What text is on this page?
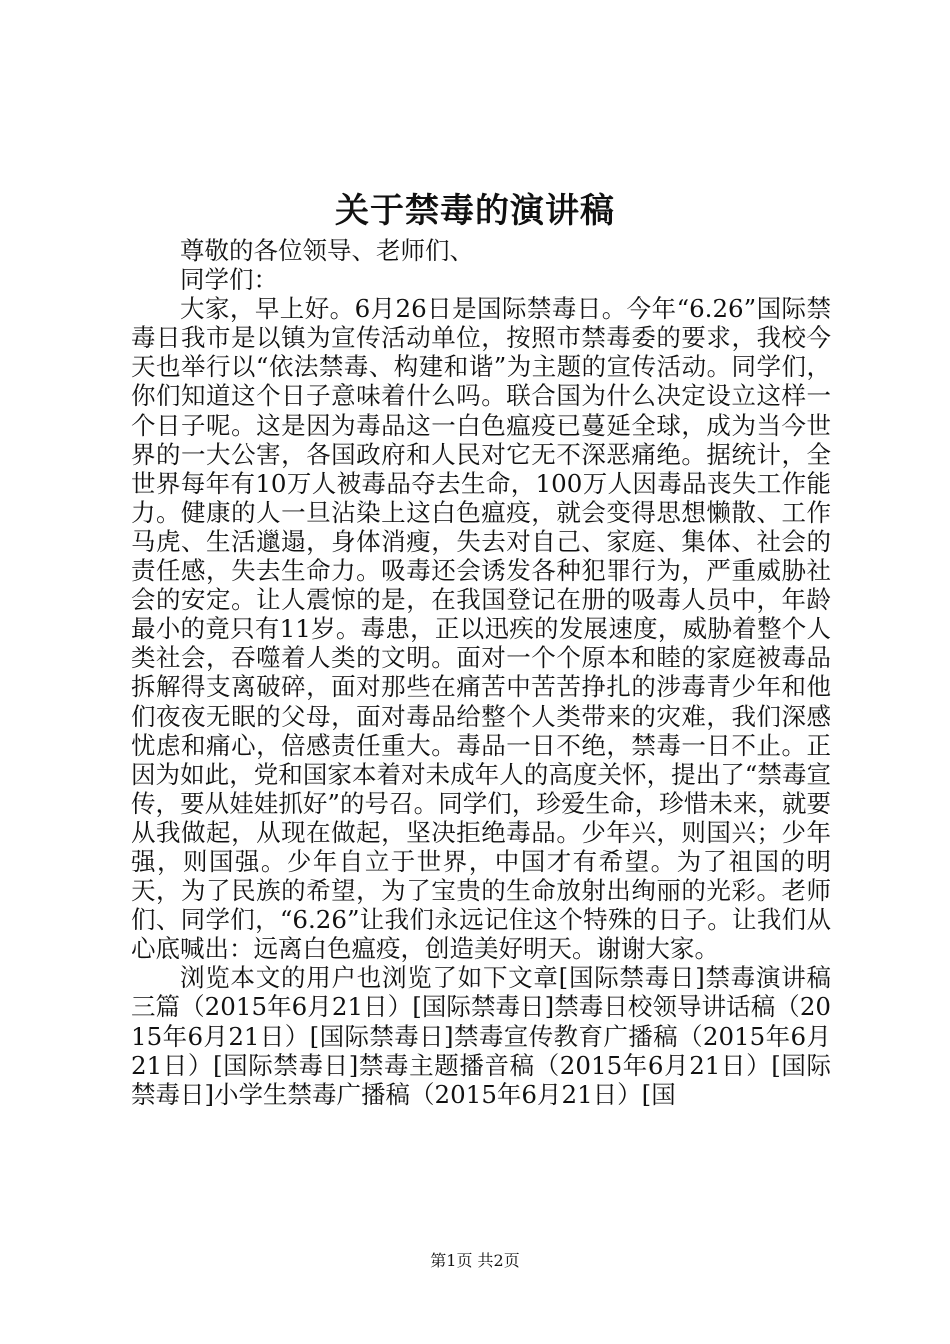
关于禁毒的演讲稿

尊敬的各位领导、老师们、

同学们：

大家，早上好。6月26日是国际禁毒日。今年“6.26”国际禁毒日我市是以镇为宣传活动单位，按照市禁毒委的要求，我校今天也举行以“依法禁毒、构建和谐”为主题的宣传活动。同学们，你们知道这个日子意味着什么吗。联合国为什么决定设立这样一个日子呢。这是因为毒品这一白色瘟疫已蔓延全球，成为当今世界的一大公害，各国政府和人民对它无不深恶痛绝。据统计，全世界每年有10万人被毒品夺去生命，100万人因毒品丧失工作能力。健康的人一旦沾染上这白色瘟疫，就会变得思想懒散、工作马虎、生活邋遢，身体消瘦，失去对自己、家庭、集体、社会的责任感，失去生命力。吸毒还会诱发各种犯罪行为，严重威胁社会的安定。让人震惊的是，在我国登记在册的吸毒人员中，年龄最小的竟只有11岁。毒患，正以迅疾的发展速度，威胁着整个人类社会，吞噬着人类的文明。面对一个个原本和睦的家庭被毒品拆解得支离破碎，面对那些在痛苦中苦苦挣扎的涉毒青少年和他们夜夜无眠的父母，面对毒品给整个人类带来的灾难，我们深感忧虑和痛心，倍感责任重大。毒品一日不绝，禁毒一日不止。正因为如此，党和国家本着对未成年人的高度关怀，提出了“禁毒宣传，要从娃娃抓好”的号召。同学们，珍爱生命，珍惜未来，就要从我做起，从现在做起，坚决拒绝毒品。少年兴，则国兴；少年强，则国强。少年自立于世界，中国才有希望。为了祖国的明天，为了民族的希望，为了宝贵的生命放射出绚丽的光彩。老师们、同学们，“6.26”让我们永远记住这个特殊的日子。让我们从心底喊出：远离白色瘟疫，创造美好明天。谢谢大家。

浏览本文的用户也浏览了如下文章[国际禁毒日]禁毒演讲稿三篇（2015年6月21日）[国际禁毒日]禁毒日校领导讲话稿（2015年6月21日）[国际禁毒日]禁毒宣传教育广播稿（2015年6月21日）[国际禁毒日]禁毒主题播音稿（2015年6月21日）[国际禁毒日]小学生禁毒广播稿（2015年6月21日）[国

第1页 共2页
